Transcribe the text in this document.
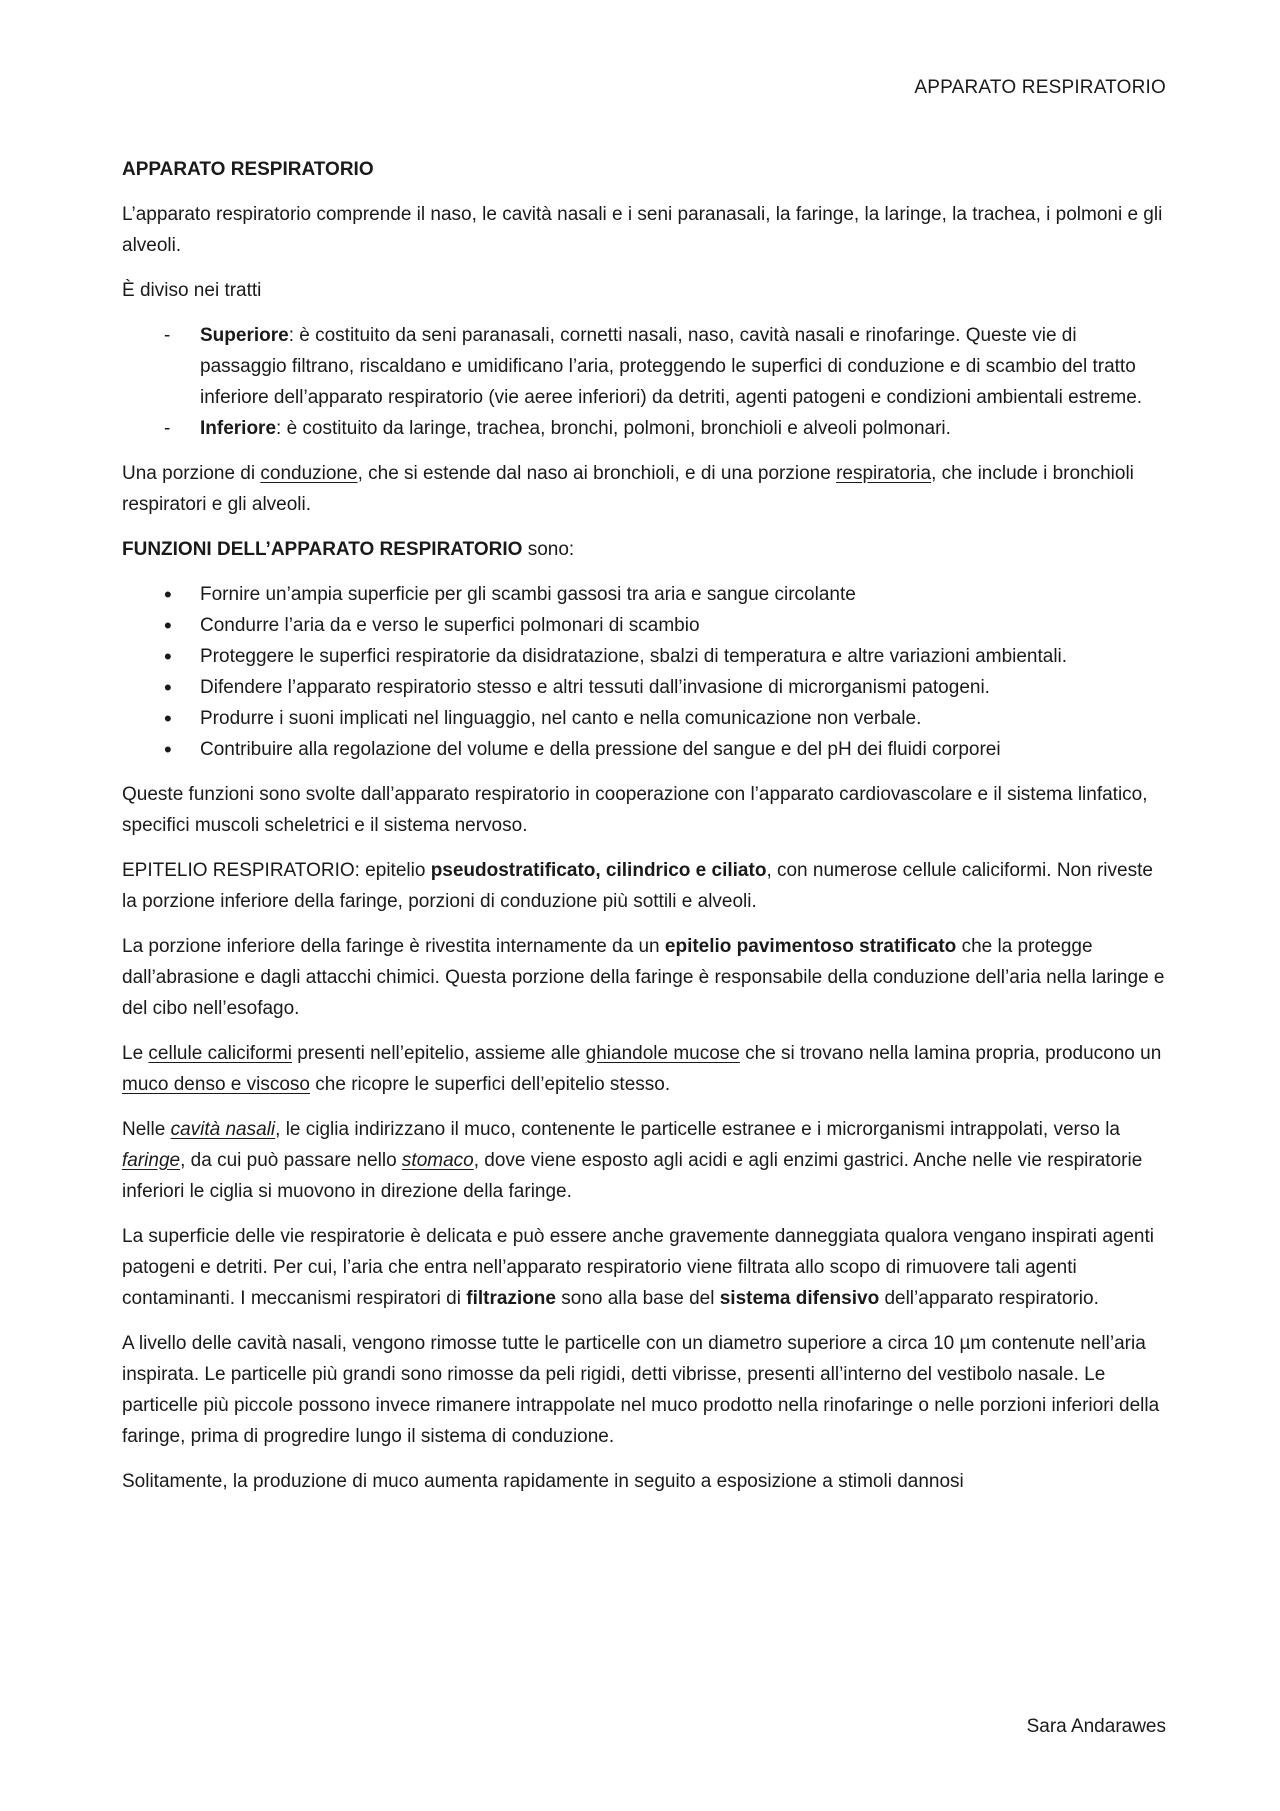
APPARATO RESPIRATORIO

APPARATO RESPIRATORIO

L’apparato respiratorio comprende il naso, le cavità nasali e i seni paranasali, la faringe, la laringe, la trachea, i polmoni e gli alveoli.

È diviso nei tratti

- Superiore: è costituito da seni paranasali, cornetti nasali, naso, cavità nasali e rinofaringe. Queste vie di passaggio filtrano, riscaldano e umidificano l’aria, proteggendo le superfici di conduzione e di scambio del tratto inferiore dell’apparato respiratorio (vie aeree inferiori) da detriti, agenti patogeni e condizioni ambientali estreme.
- Inferiore: è costituito da laringe, trachea, bronchi, polmoni, bronchioli e alveoli polmonari.

Una porzione di conduzione, che si estende dal naso ai bronchioli, e di una porzione respiratoria, che include i bronchioli respiratori e gli alveoli.

FUNZIONI DELL’APPARATO RESPIRATORIO sono:

• Fornire un’ampia superficie per gli scambi gassosi tra aria e sangue circolante
• Condurre l’aria da e verso le superfici polmonari di scambio
• Proteggere le superfici respiratorie da disidratazione, sbalzi di temperatura e altre variazioni ambientali.
• Difendere l’apparato respiratorio stesso e altri tessuti dall’invasione di microrganismi patogeni.
• Produrre i suoni implicati nel linguaggio, nel canto e nella comunicazione non verbale.
• Contribuire alla regolazione del volume e della pressione del sangue e del pH dei fluidi corporei

Queste funzioni sono svolte dall’apparato respiratorio in cooperazione con l’apparato cardiovascolare e il sistema linfatico, specifici muscoli scheletrici e il sistema nervoso.

EPITELIO RESPIRATORIO: epitelio pseudostratificato, cilindrico e ciliato, con numerose cellule caliciformi. Non riveste la porzione inferiore della faringe, porzioni di conduzione più sottili e alveoli.

La porzione inferiore della faringe è rivestita internamente da un epitelio pavimentoso stratificato che la protegge dall’abrasione e dagli attacchi chimici. Questa porzione della faringe è responsabile della conduzione dell’aria nella laringe e del cibo nell’esofago.

Le cellule caliciformi presenti nell’epitelio, assieme alle ghiandole mucose che si trovano nella lamina propria, producono un muco denso e viscoso che ricopre le superfici dell’epitelio stesso.

Nelle cavità nasali, le ciglia indirizzano il muco, contenente le particelle estranee e i microrganismi intrappolati, verso la faringe, da cui può passare nello stomaco, dove viene esposto agli acidi e agli enzimi gastrici. Anche nelle vie respiratorie inferiori le ciglia si muovono in direzione della faringe.

La superficie delle vie respiratorie è delicata e può essere anche gravemente danneggiata qualora vengano inspirati agenti patogeni e detriti. Per cui, l’aria che entra nell’apparato respiratorio viene filtrata allo scopo di rimuovere tali agenti contaminanti. I meccanismi respiratori di filtrazione sono alla base del sistema difensivo dell’apparato respiratorio.

A livello delle cavità nasali, vengono rimosse tutte le particelle con un diametro superiore a circa 10 µm contenute nell’aria inspirata. Le particelle più grandi sono rimosse da peli rigidi, detti vibrisse, presenti all’interno del vestibolo nasale. Le particelle più piccole possono invece rimanere intrappolate nel muco prodotto nella rinofaringe o nelle porzioni inferiori della faringe, prima di progredire lungo il sistema di conduzione.

Solitamente, la produzione di muco aumenta rapidamente in seguito a esposizione a stimoli dannosi

Sara Andarawes
